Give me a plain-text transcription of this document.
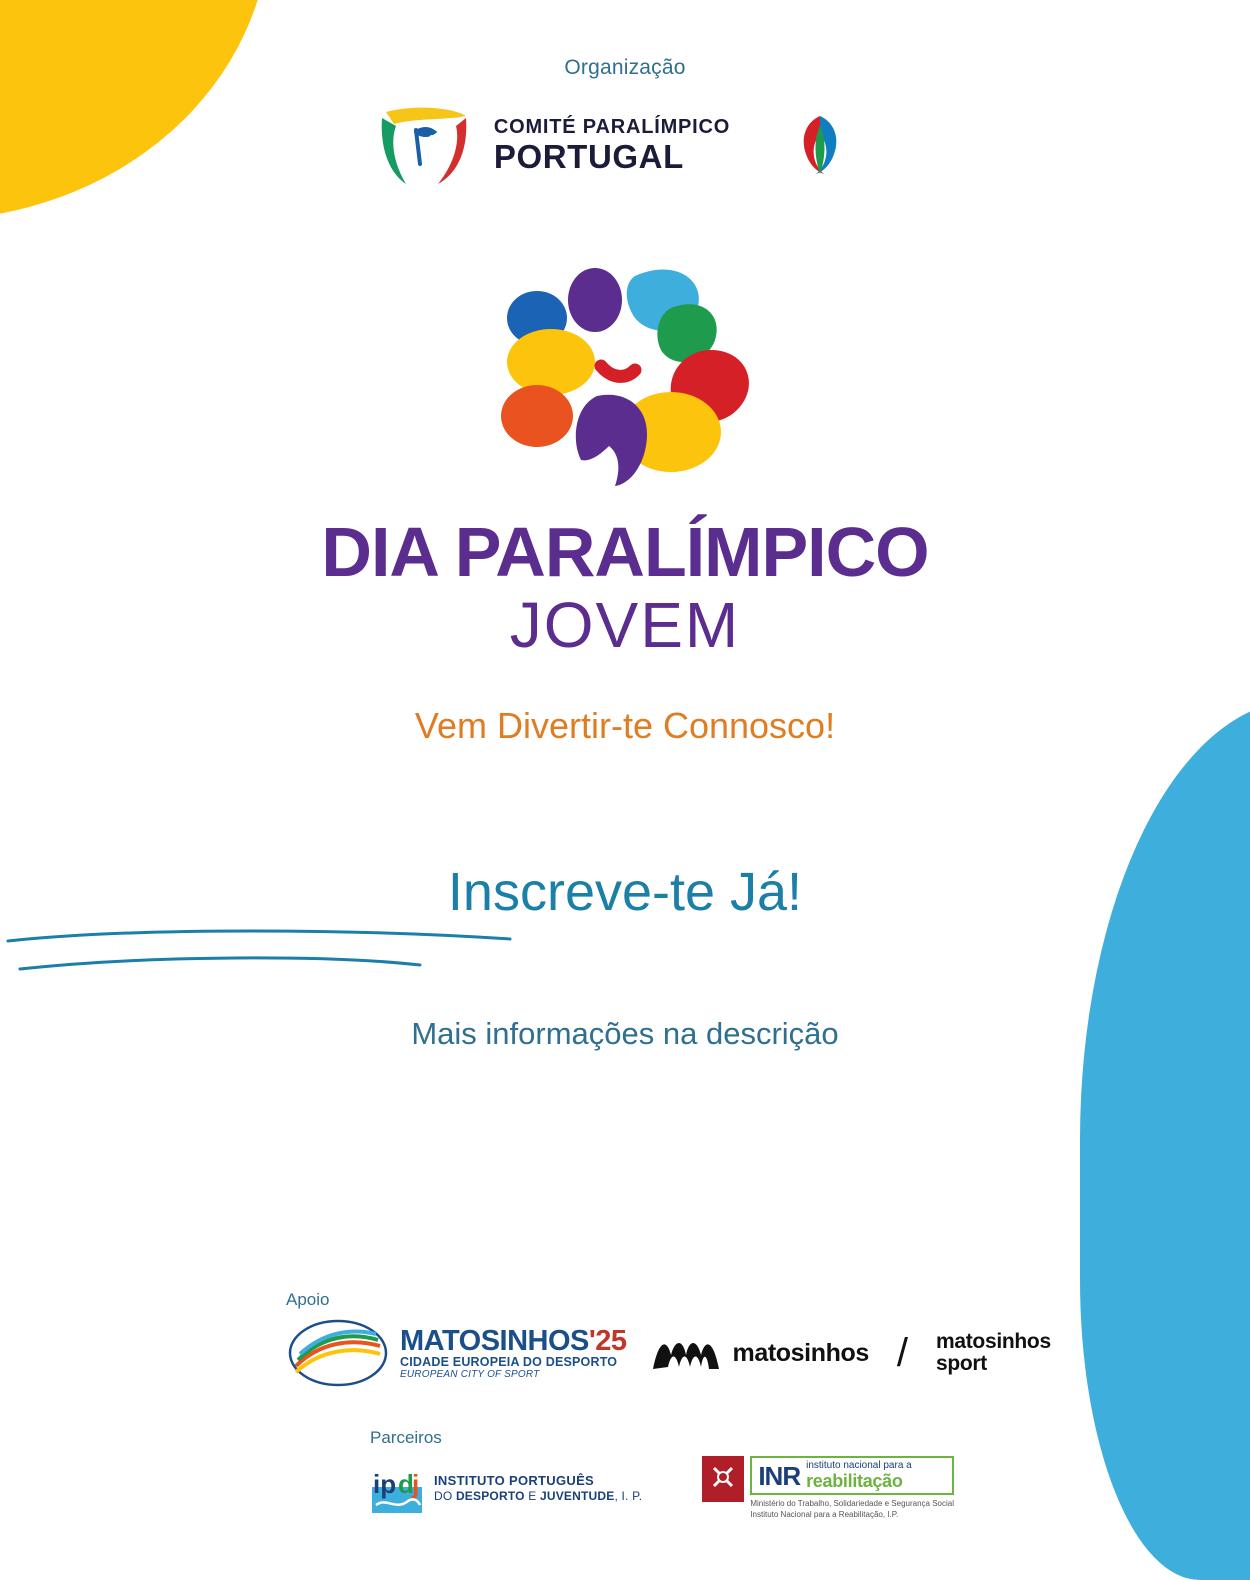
Organização
COMITÉ PARALÍMPICO
PORTUGAL
DIA PARALÍMPICO
JOVEM
Vem Divertir-te Connosco!
Inscreve-te Já!
Mais informações na descrição
Apoio
MATOSINHOS'25
CIDADE EUROPEIA DO DESPORTO
EUROPEAN CITY OF SPORT
matosinhos / matosinhos
sport
Parceiros
ip d
j INSTITUTO PORTUGUÊS
DO DESPORTO E JUVENTUDE, I. P.
INR instituto nacional para a
reabilitação
Ministério do Trabalho, Solidariedade e Segurança Social
Instituto Nacional para a Reabilitação, I.P.
